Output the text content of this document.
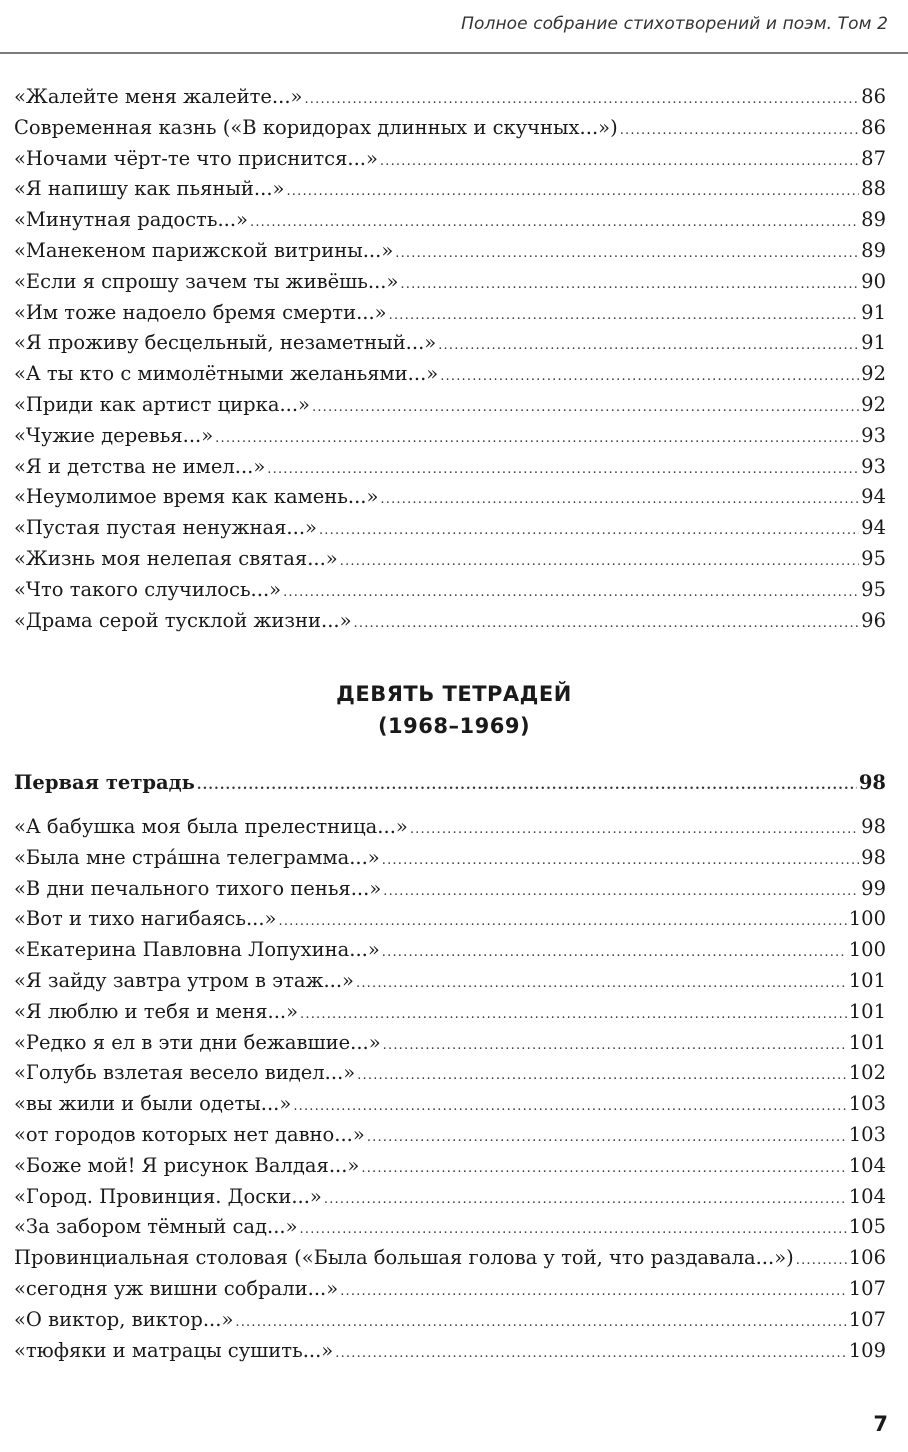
Полное собрание стихотворений и поэм. Том 2
«Жалейте меня жалейте...» .....	86
Современная казнь («В коридорах длинных и скучных...») .....	86
«Ночами чёрт-те что приснится...» .....	87
«Я напишу как пьяный...» .....	88
«Минутная радость...» .....	89
«Манекеном парижской витрины...» .....	89
«Если я спрошу зачем ты живёшь...» .....	90
«Им тоже надоело бремя смерти...» .....	91
«Я проживу бесцельный, незаметный...» .....	91
«А ты кто с мимолётными желаньями...» .....	92
«Приди как артист цирка...» .....	92
«Чужие деревья...» .....	93
«Я и детства не имел...» .....	93
«Неумолимое время как камень...» .....	94
«Пустая пустая ненужная...» .....	94
«Жизнь моя нелепая святая...» .....	95
«Что такого случилось...» .....	95
«Драма серой тусклой жизни...» .....	96
ДЕВЯТЬ ТЕТРАДЕЙ
(1968–1969)
Первая тетрадь .....	98
«А бабушка моя была прелестница...» .....	98
«Была мне стра́шна телеграмма...» .....	98
«В дни печального тихого пенья...» .....	99
«Вот и тихо нагибаясь...» .....	100
«Екатерина Павловна Лопухина...» .....	100
«Я зайду завтра утром в этаж...» .....	101
«Я люблю и тебя и меня...» .....	101
«Редко я ел в эти дни бежавшие...» .....	101
«Голубь взлетая весело видел...» .....	102
«вы жили и были одеты...» .....	103
«от городов которых нет давно...» .....	103
«Боже мой! Я рисунок Валдая...» .....	104
«Город. Провинция. Доски...» .....	104
«За забором тёмный сад...» .....	105
Провинциальная столовая («Была большая голова у той, что раздавала...») .....	106
«сегодня уж вишни собрали...» .....	107
«О виктор, виктор...» .....	107
«тюфяки и матрацы сушить...» .....	109
7
